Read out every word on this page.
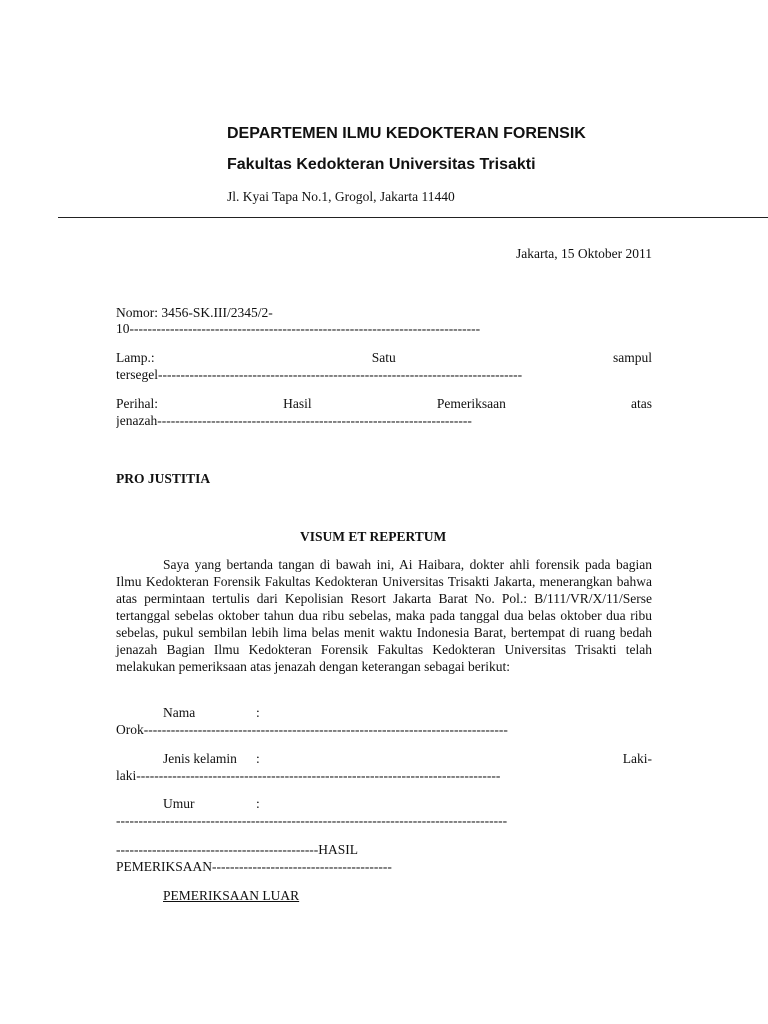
DEPARTEMEN ILMU KEDOKTERAN FORENSIK
Fakultas Kedokteran Universitas Trisakti
Jl. Kyai Tapa No.1, Grogol, Jakarta 11440
Jakarta, 15 Oktober 2011
Nomor: 3456-SK.III/2345/2-
10------------------------------------------------------------------------------
Lamp.:	Satu	sampul
tersegel---------------------------------------------------------------------------------
Perihal:	Hasil	Pemeriksaan	atas
jenazah----------------------------------------------------------------------
PRO JUSTITIA
VISUM ET REPERTUM
Saya yang bertanda tangan di bawah ini, Ai Haibara, dokter ahli forensik pada bagian Ilmu Kedokteran Forensik Fakultas Kedokteran Universitas Trisakti Jakarta, menerangkan bahwa atas permintaan tertulis dari Kepolisian Resort Jakarta Barat No. Pol.: B/111/VR/X/11/Serse tertanggal sebelas oktober tahun dua ribu sebelas, maka pada tanggal dua belas oktober dua ribu sebelas, pukul sembilan lebih lima belas menit waktu Indonesia Barat, bertempat di ruang bedah jenazah Bagian Ilmu Kedokteran Forensik Fakultas Kedokteran Universitas Trisakti telah melakukan pemeriksaan atas jenazah dengan keterangan sebagai berikut:
Nama	:
Orok---------------------------------------------------------------------------------
Jenis kelamin :	Laki-
laki---------------------------------------------------------------------------------
Umur	:
---------------------------------------------------------------------------------------
---------------------------------------------HASIL
PEMERIKSAAN----------------------------------------
PEMERIKSAAN LUAR
